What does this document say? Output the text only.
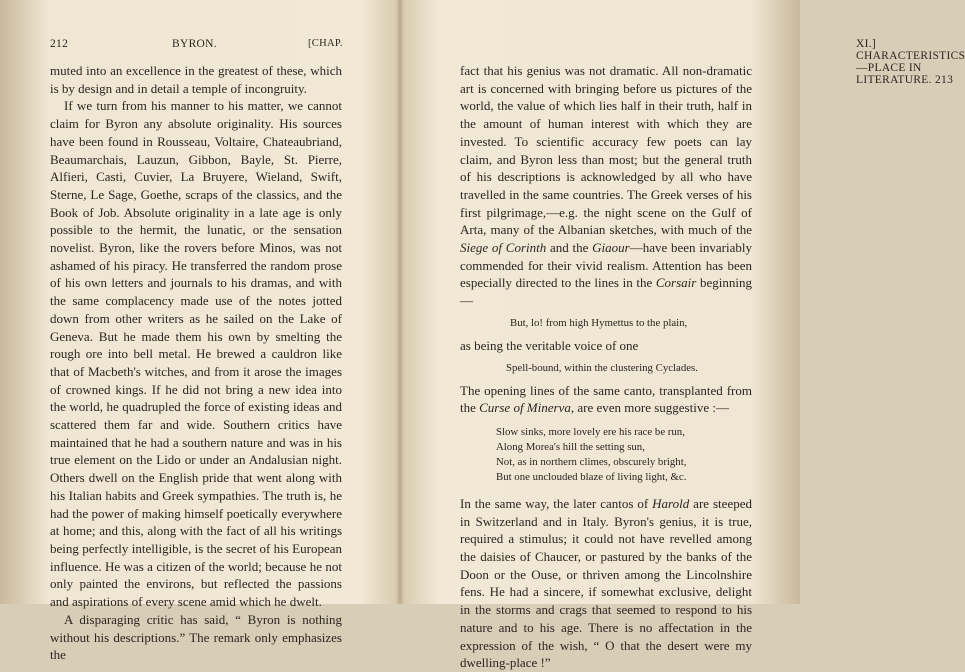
212	BYRON.	[CHAP.

muted into an excellence in the greatest of these, which is by design and in detail a temple of incongruity.

If we turn from his manner to his matter, we cannot claim for Byron any absolute originality. His sources have been found in Rousseau, Voltaire, Chateaubriand, Beaumarchais, Lauzun, Gibbon, Bayle, St. Pierre, Alfieri, Casti, Cuvier, La Bruyere, Wieland, Swift, Sterne, Le Sage, Goethe, scraps of the classics, and the Book of Job. Absolute originality in a late age is only possible to the hermit, the lunatic, or the sensation novelist. Byron, like the rovers before Minos, was not ashamed of his piracy. He transferred the random prose of his own letters and journals to his dramas, and with the same complacency made use of the notes jotted down from other writers as he sailed on the Lake of Geneva. But he made them his own by smelting the rough ore into bell metal. He brewed a cauldron like that of Macbeth's witches, and from it arose the images of crowned kings. If he did not bring a new idea into the world, he quadrupled the force of existing ideas and scattered them far and wide. Southern critics have maintained that he had a southern nature and was in his true element on the Lido or under an Andalusian night. Others dwell on the English pride that went along with his Italian habits and Greek sympathies. The truth is, he had the power of making himself poetically everywhere at home; and this, along with the fact of all his writings being perfectly intelligible, is the secret of his European influence. He was a citizen of the world; because he not only painted the environs, but reflected the passions and aspirations of every scene amid which he dwelt.

A disparaging critic has said, “ Byron is nothing without his descriptions.” The remark only emphasizes the

XI.] CHARACTERISTICS—PLACE IN LITERATURE. 213

fact that his genius was not dramatic. All non-dramatic art is concerned with bringing before us pictures of the world, the value of which lies half in their truth, half in the amount of human interest with which they are invested. To scientific accuracy few poets can lay claim, and Byron less than most; but the general truth of his descriptions is acknowledged by all who have travelled in the same countries. The Greek verses of his first pilgrimage,—e.g. the night scene on the Gulf of Arta, many of the Albanian sketches, with much of the Siege of Corinth and the Giaour—have been invariably commended for their vivid realism. Attention has been especially directed to the lines in the Corsair beginning—

But, lo! from high Hymettus to the plain,

as being the veritable voice of one

Spell-bound, within the clustering Cyclades.

The opening lines of the same canto, transplanted from the Curse of Minerva, are even more suggestive :—

Slow sinks, more lovely ere his race be run,
Along Morea's hill the setting sun,
Not, as in northern climes, obscurely bright,
But one unclouded blaze of living light, &c.

In the same way, the later cantos of Harold are steeped in Switzerland and in Italy. Byron's genius, it is true, required a stimulus; it could not have revelled among the daisies of Chaucer, or pastured by the banks of the Doon or the Ouse, or thriven among the Lincolnshire fens. He had a sincere, if somewhat exclusive, delight in the storms and crags that seemed to respond to his nature and to his age. There is no affectation in the expression of the wish, “ O that the desert were my dwelling-place !”
